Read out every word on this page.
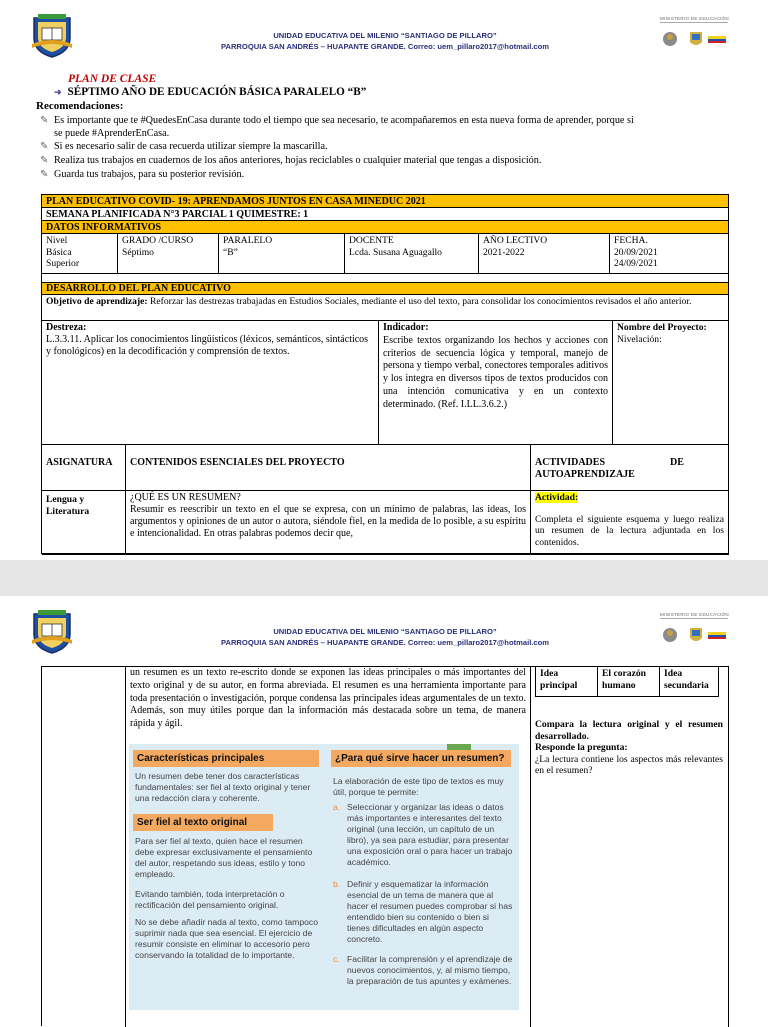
UNIDAD EDUCATIVA DEL MILENIO “SANTIAGO DE PILLARO”
PARROQUIA SAN ANDRÉS – HUAPANTE GRANDE. Correo: uem_pillaro2017@hotmail.com
MINISTERIO DE EDUCACIÓN
PLAN DE CLASE
➜ SÉPTIMO AÑO DE EDUCACIÓN BÁSICA PARALELO “B”
Recomendaciones:
✎ Es importante que te #QuedesEnCasa durante todo el tiempo que sea necesario, te acompañaremos en esta nueva forma de aprender, porque si
se puede #AprenderEnCasa.
✎ Si es necesario salir de casa recuerda utilizar siempre la mascarilla.
✎ Realiza tus trabajos en cuadernos de los años anteriores, hojas reciclables o cualquier material que tengas a disposición.
✎ Guarda tus trabajos, para su posterior revisión.
PLAN EDUCATIVO COVID- 19: APRENDAMOS JUNTOS EN CASA MINEDUC 2021
SEMANA PLANIFICADA N°3 PARCIAL 1 QUIMESTRE: 1
DATOS INFORMATIVOS
Nivel
Básica
Superior
GRADO /CURSO
Séptimo
PARALELO
“B”
DOCENTE
Lcda. Susana Aguagallo
AÑO LECTIVO
2021-2022
FECHA.
20/09/2021
24/09/2021
DESARROLLO DEL PLAN EDUCATIVO
Objetivo de aprendizaje: Reforzar las destrezas trabajadas en Estudios Sociales, mediante el uso del texto, para consolidar los conocimientos revisados el año anterior.
Destreza:
L.3.3.11. Aplicar los conocimientos lingüísticos (léxicos, semánticos, sintácticos y fonológicos) en la decodificación y comprensión de textos.
Indicador:
Escribe textos organizando los hechos y acciones con criterios de secuencia lógica y temporal, manejo de persona y tiempo verbal, conectores temporales aditivos y los integra en diversos tipos de textos producidos con una intención comunicativa y en un contexto determinado. (Ref. I.LL.3.6.2.)
Nombre del Proyecto:
Nivelación:
ASIGNATURA	CONTENIDOS ESENCIALES DEL PROYECTO	ACTIVIDADES                          DE AUTOAPRENDIZAJE
Lengua y Literatura
¿QUÉ ES UN RESUMEN?
Resumir es reescribir un texto en el que se expresa, con un mínimo de palabras, las ideas, los argumentos y opiniones de un autor o autora, siéndole fiel, en la medida de lo posible, a su espíritu e intencionalidad. En otras palabras podemos decir que,
Actividad:
Completa el siguiente esquema y luego realiza un resumen de la lectura adjuntada en los contenidos.
UNIDAD EDUCATIVA DEL MILENIO “SANTIAGO DE PILLARO”
PARROQUIA SAN ANDRÉS – HUAPANTE GRANDE. Correo: uem_pillaro2017@hotmail.com
MINISTERIO DE EDUCACIÓN
un resumen es un texto re-escrito donde se exponen las ideas principales o más importantes del texto original y de su autor, en forma abreviada. El resumen es una herramienta importante para toda presentación o investigación, porque condensa las principales ideas argumentales de un texto. Además, son muy útiles porque dan la información más destacada sobre un tema, de manera rápida y ágil.
Idea principal
El corazón humano
Idea secundaria
Compara la lectura original y el resumen desarrollado.
Responde la pregunta:
¿La lectura contiene los aspectos más relevantes en el resumen?
Características principales
Un resumen debe tener dos características fundamentales: ser fiel al texto original y tener una redacción clara y coherente.
Ser fiel al texto original
Para ser fiel al texto, quien hace el resumen debe expresar exclusivamente el pensamiento del autor, respetando sus ideas, estilo y tono empleado.
Evitando también, toda interpretación o rectificación del pensamiento original.
No se debe añadir nada al texto, como tampoco suprimir nada que sea esencial. El ejercicio de resumir consiste en eliminar lo accesorio pero conservando la totalidad de lo importante.
¿Para qué sirve hacer un resumen?
La elaboración de este tipo de textos es muy útil, porque te permite:
a. Seleccionar y organizar las ideas o datos más importantes e interesantes del texto original (una lección, un capítulo de un libro), ya sea para estudiar, para presentar una exposición oral o para hacer un trabajo académico.
b. Definir y esquematizar la información esencial de un tema de manera que al hacer el resumen puedes comprobar si has entendido bien su contenido o bien si tienes dificultades en algún aspecto concreto.
c. Facilitar la comprensión y el aprendizaje de nuevos conocimientos, y, al mismo tiempo, la preparación de tus apuntes y exámenes.
